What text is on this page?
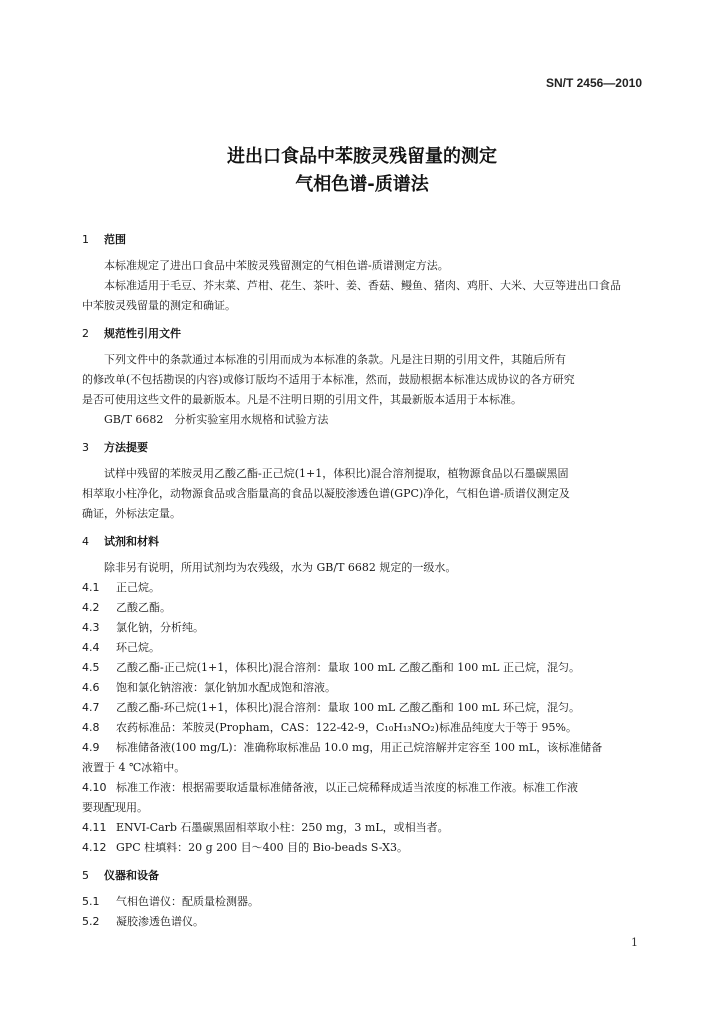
SN/T 2456—2010
进出口食品中苯胺灵残留量的测定
气相色谱-质谱法
1 范围

本标准规定了进出口食品中苯胺灵残留测定的气相色谱-质谱测定方法。

本标准适用于毛豆、芥末菜、芦柑、花生、茶叶、姜、香菇、鳗鱼、猪肉、鸡肝、大米、大豆等进出口食品

中苯胺灵残留量的测定和确证。

2 规范性引用文件

下列文件中的条款通过本标准的引用而成为本标准的条款。凡是注日期的引用文件，其随后所有

的修改单(不包括勘误的内容)或修订版均不适用于本标准，然而，鼓励根据本标准达成协议的各方研究

是否可使用这些文件的最新版本。凡是不注明日期的引用文件，其最新版本适用于本标准。

GB/T 6682　分析实验室用水规格和试验方法

3 方法提要

试样中残留的苯胺灵用乙酸乙酯-正己烷(1+1，体积比)混合溶剂提取，植物源食品以石墨碳黑固

相萃取小柱净化，动物源食品或含脂量高的食品以凝胶渗透色谱(GPC)净化，气相色谱-质谱仪测定及

确证，外标法定量。

4 试剂和材料

除非另有说明，所用试剂均为农残级，水为 GB/T 6682 规定的一级水。

4.1 正己烷。

4.2 乙酸乙酯。

4.3 氯化钠，分析纯。

4.4 环己烷。

4.5 乙酸乙酯-正己烷(1+1，体积比)混合溶剂：量取 100 mL 乙酸乙酯和 100 mL 正己烷，混匀。

4.6 饱和氯化钠溶液：氯化钠加水配成饱和溶液。

4.7 乙酸乙酯-环己烷(1+1，体积比)混合溶剂：量取 100 mL 乙酸乙酯和 100 mL 环己烷，混匀。

4.8 农药标准品：苯胺灵(Propham，CAS：122-42-9，C₁₀H₁₃NO₂)标准品纯度大于等于 95%。

4.9 标准储备液(100 mg/L)：准确称取标准品 10.0 mg，用正己烷溶解并定容至 100 mL，该标准储备

液置于 4 ℃冰箱中。

4.10 标准工作液：根据需要取适量标准储备液，以正己烷稀释成适当浓度的标准工作液。标准工作液

要现配现用。

4.11 ENVI-Carb 石墨碳黑固相萃取小柱：250 mg，3 mL，或相当者。

4.12 GPC 柱填料：20 g 200 目～400 目的 Bio-beads S-X3。

5 仪器和设备

5.1 气相色谱仪：配质量检测器。

5.2 凝胶渗透色谱仪。

1
